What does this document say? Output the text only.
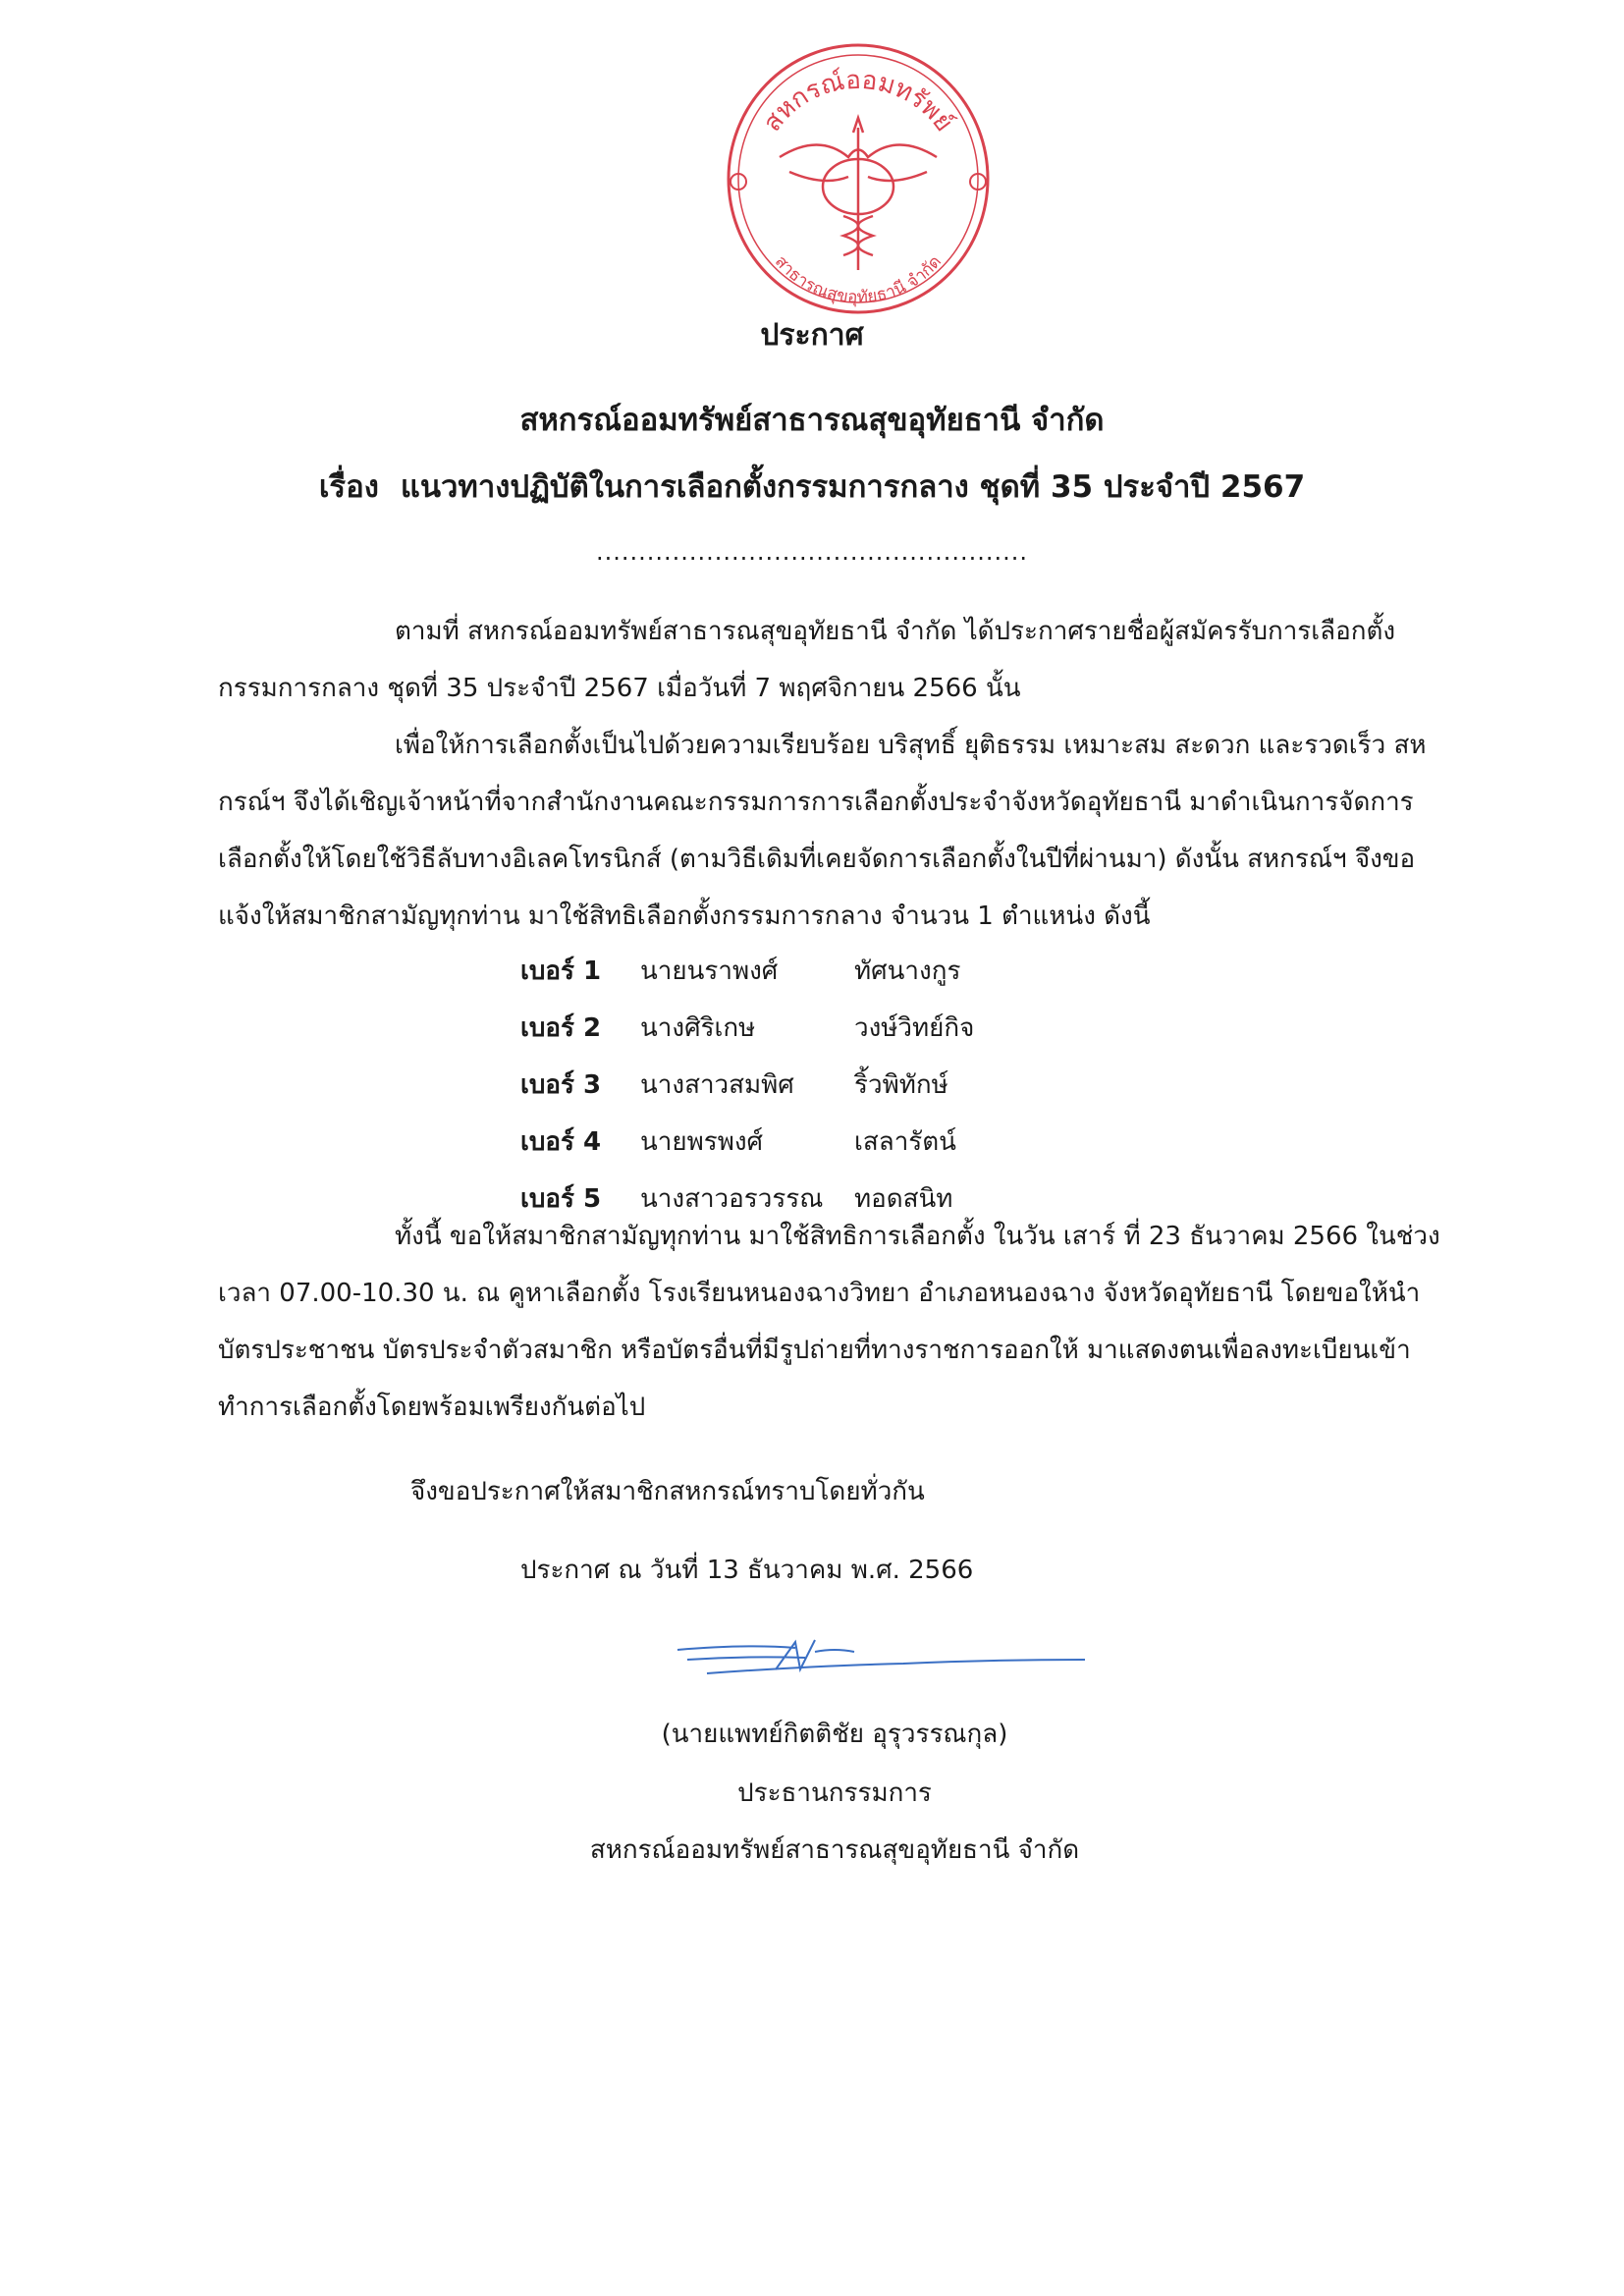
สหกรณ์ออมทรัพย์
สาธารณสุขอุทัยธานี จำกัด
ประกาศ
สหกรณ์ออมทรัพย์สาธารณสุขอุทัยธานี จำกัด
เรื่อง แนวทางปฏิบัติในการเลือกตั้งกรรมการกลาง ชุดที่ 35 ประจำปี 2567
...................................................
ตามที่ สหกรณ์ออมทรัพย์สาธารณสุขอุทัยธานี จำกัด ได้ประกาศรายชื่อผู้สมัครรับการเลือกตั้ง กรรมการกลาง ชุดที่ 35 ประจำปี 2567 เมื่อวันที่ 7 พฤศจิกายน 2566 นั้น
เพื่อให้การเลือกตั้งเป็นไปด้วยความเรียบร้อย บริสุทธิ์ ยุติธรรม เหมาะสม สะดวก และรวดเร็ว สหกรณ์ฯ จึงได้เชิญเจ้าหน้าที่จากสำนักงานคณะกรรมการการเลือกตั้งประจำจังหวัดอุทัยธานี มาดำเนินการจัดการเลือกตั้งให้โดยใช้วิธีลับทางอิเลคโทรนิกส์ (ตามวิธีเดิมที่เคยจัดการเลือกตั้งในปีที่ผ่านมา) ดังนั้น สหกรณ์ฯ จึงขอแจ้งให้สมาชิกสามัญทุกท่าน มาใช้สิทธิเลือกตั้งกรรมการกลาง จำนวน 1 ตำแหน่ง ดังนี้
เบอร์ 1	นายนราพงศ์	ทัศนางกูร
เบอร์ 2	นางศิริเกษ	วงษ์วิทย์กิจ
เบอร์ 3	นางสาวสมพิศ	ริ้วพิทักษ์
เบอร์ 4	นายพรพงศ์	เสลารัตน์
เบอร์ 5	นางสาวอรวรรณ	ทอดสนิท
ทั้งนี้ ขอให้สมาชิกสามัญทุกท่าน มาใช้สิทธิการเลือกตั้ง ในวัน เสาร์ ที่ 23 ธันวาคม 2566 ในช่วงเวลา 07.00-10.30 น. ณ คูหาเลือกตั้ง โรงเรียนหนองฉางวิทยา อำเภอหนองฉาง จังหวัดอุทัยธานี โดยขอให้นำบัตรประชาชน บัตรประจำตัวสมาชิก หรือบัตรอื่นที่มีรูปถ่ายที่ทางราชการออกให้ มาแสดงตนเพื่อลงทะเบียนเข้าทำการเลือกตั้งโดยพร้อมเพรียงกันต่อไป
จึงขอประกาศให้สมาชิกสหกรณ์ทราบโดยทั่วกัน
ประกาศ ณ วันที่ 13 ธันวาคม พ.ศ. 2566
(นายแพทย์กิตติชัย อุรุวรรณกุล)
ประธานกรรมการ
สหกรณ์ออมทรัพย์สาธารณสุขอุทัยธานี จำกัด
